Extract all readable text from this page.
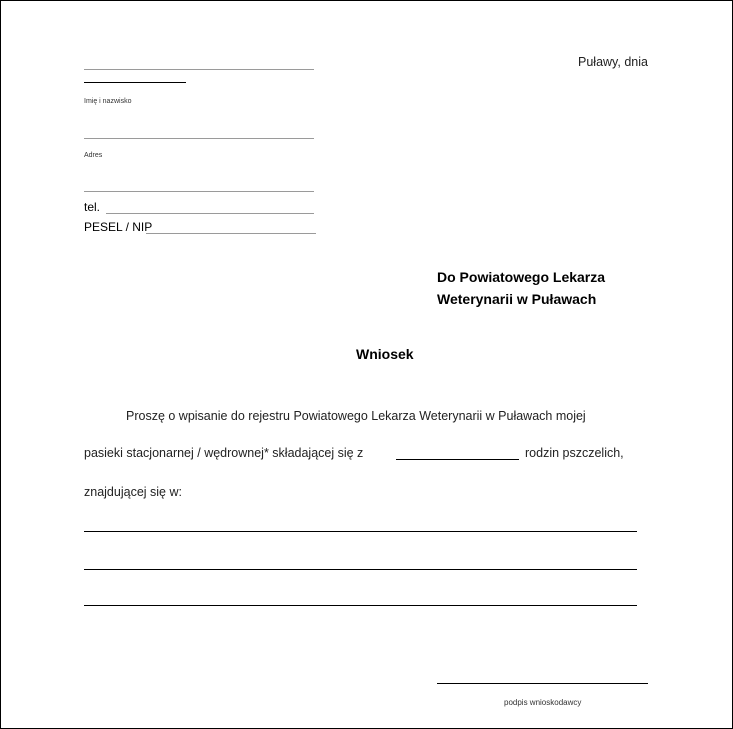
Puławy, dnia
Imię i nazwisko
Adres
tel.
PESEL / NIP
Do Powiatowego Lekarza
Weterynarii w Puławach
Wniosek
Proszę o wpisanie do rejestru Powiatowego Lekarza Weterynarii w Puławach mojej
pasieki stacjonarnej / wędrownej* składającej się z	rodzin pszczelich,
znajdującej się w:
podpis wnioskodawcy
